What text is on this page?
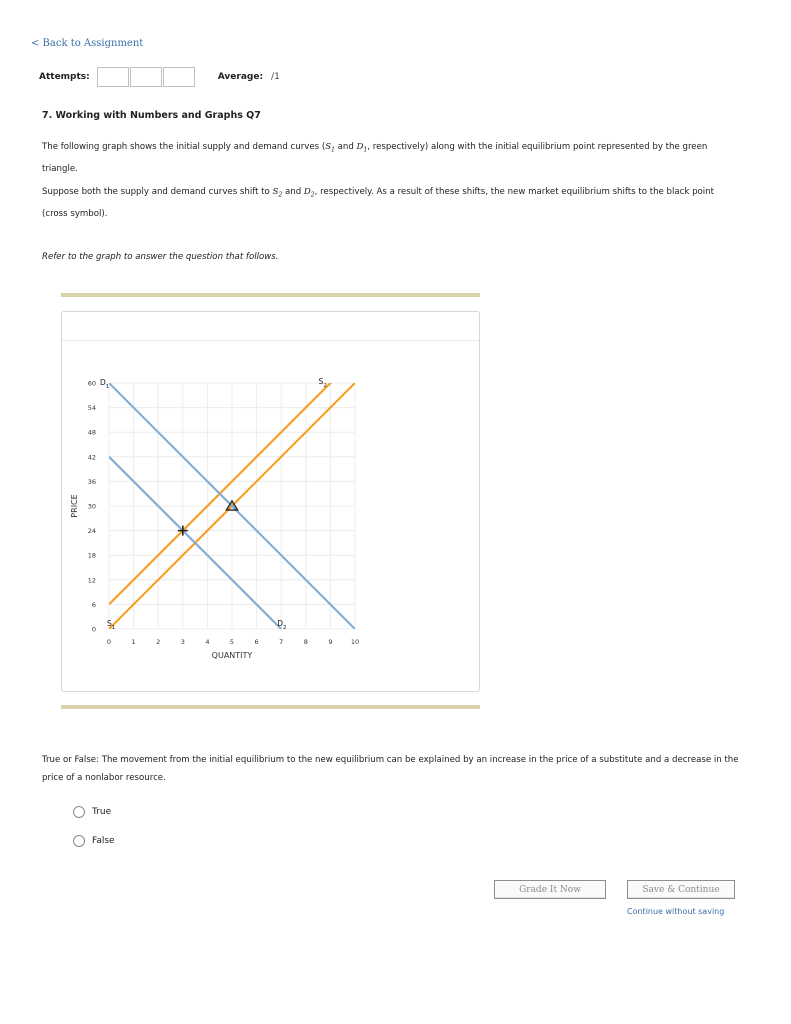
< Back to Assignment
Attempts:	Average: /1
7. Working with Numbers and Graphs Q7
The following graph shows the initial supply and demand curves ($S_1$ and $D_1$, respectively) along with the initial equilibrium point represented by the green triangle.
Suppose both the supply and demand curves shift to $S_2$ and $D_2$, respectively. As a result of these shifts, the new market equilibrium shifts to the black point (cross symbol).
Refer to the graph to answer the question that follows.
0
6
12
18
24
30
36
42
48
54
60
0	1	2	3	4	5	6	7	8	9	10
QUANTITY
PRICE
$S_1$
$S_2$
$D_1$
$D_2$
True or False: The movement from the initial equilibrium to the new equilibrium can be explained by an increase in the price of a substitute and a decrease in the price of a nonlabor resource.
True
False
Grade It Now	Save & Continue
Continue without saving
